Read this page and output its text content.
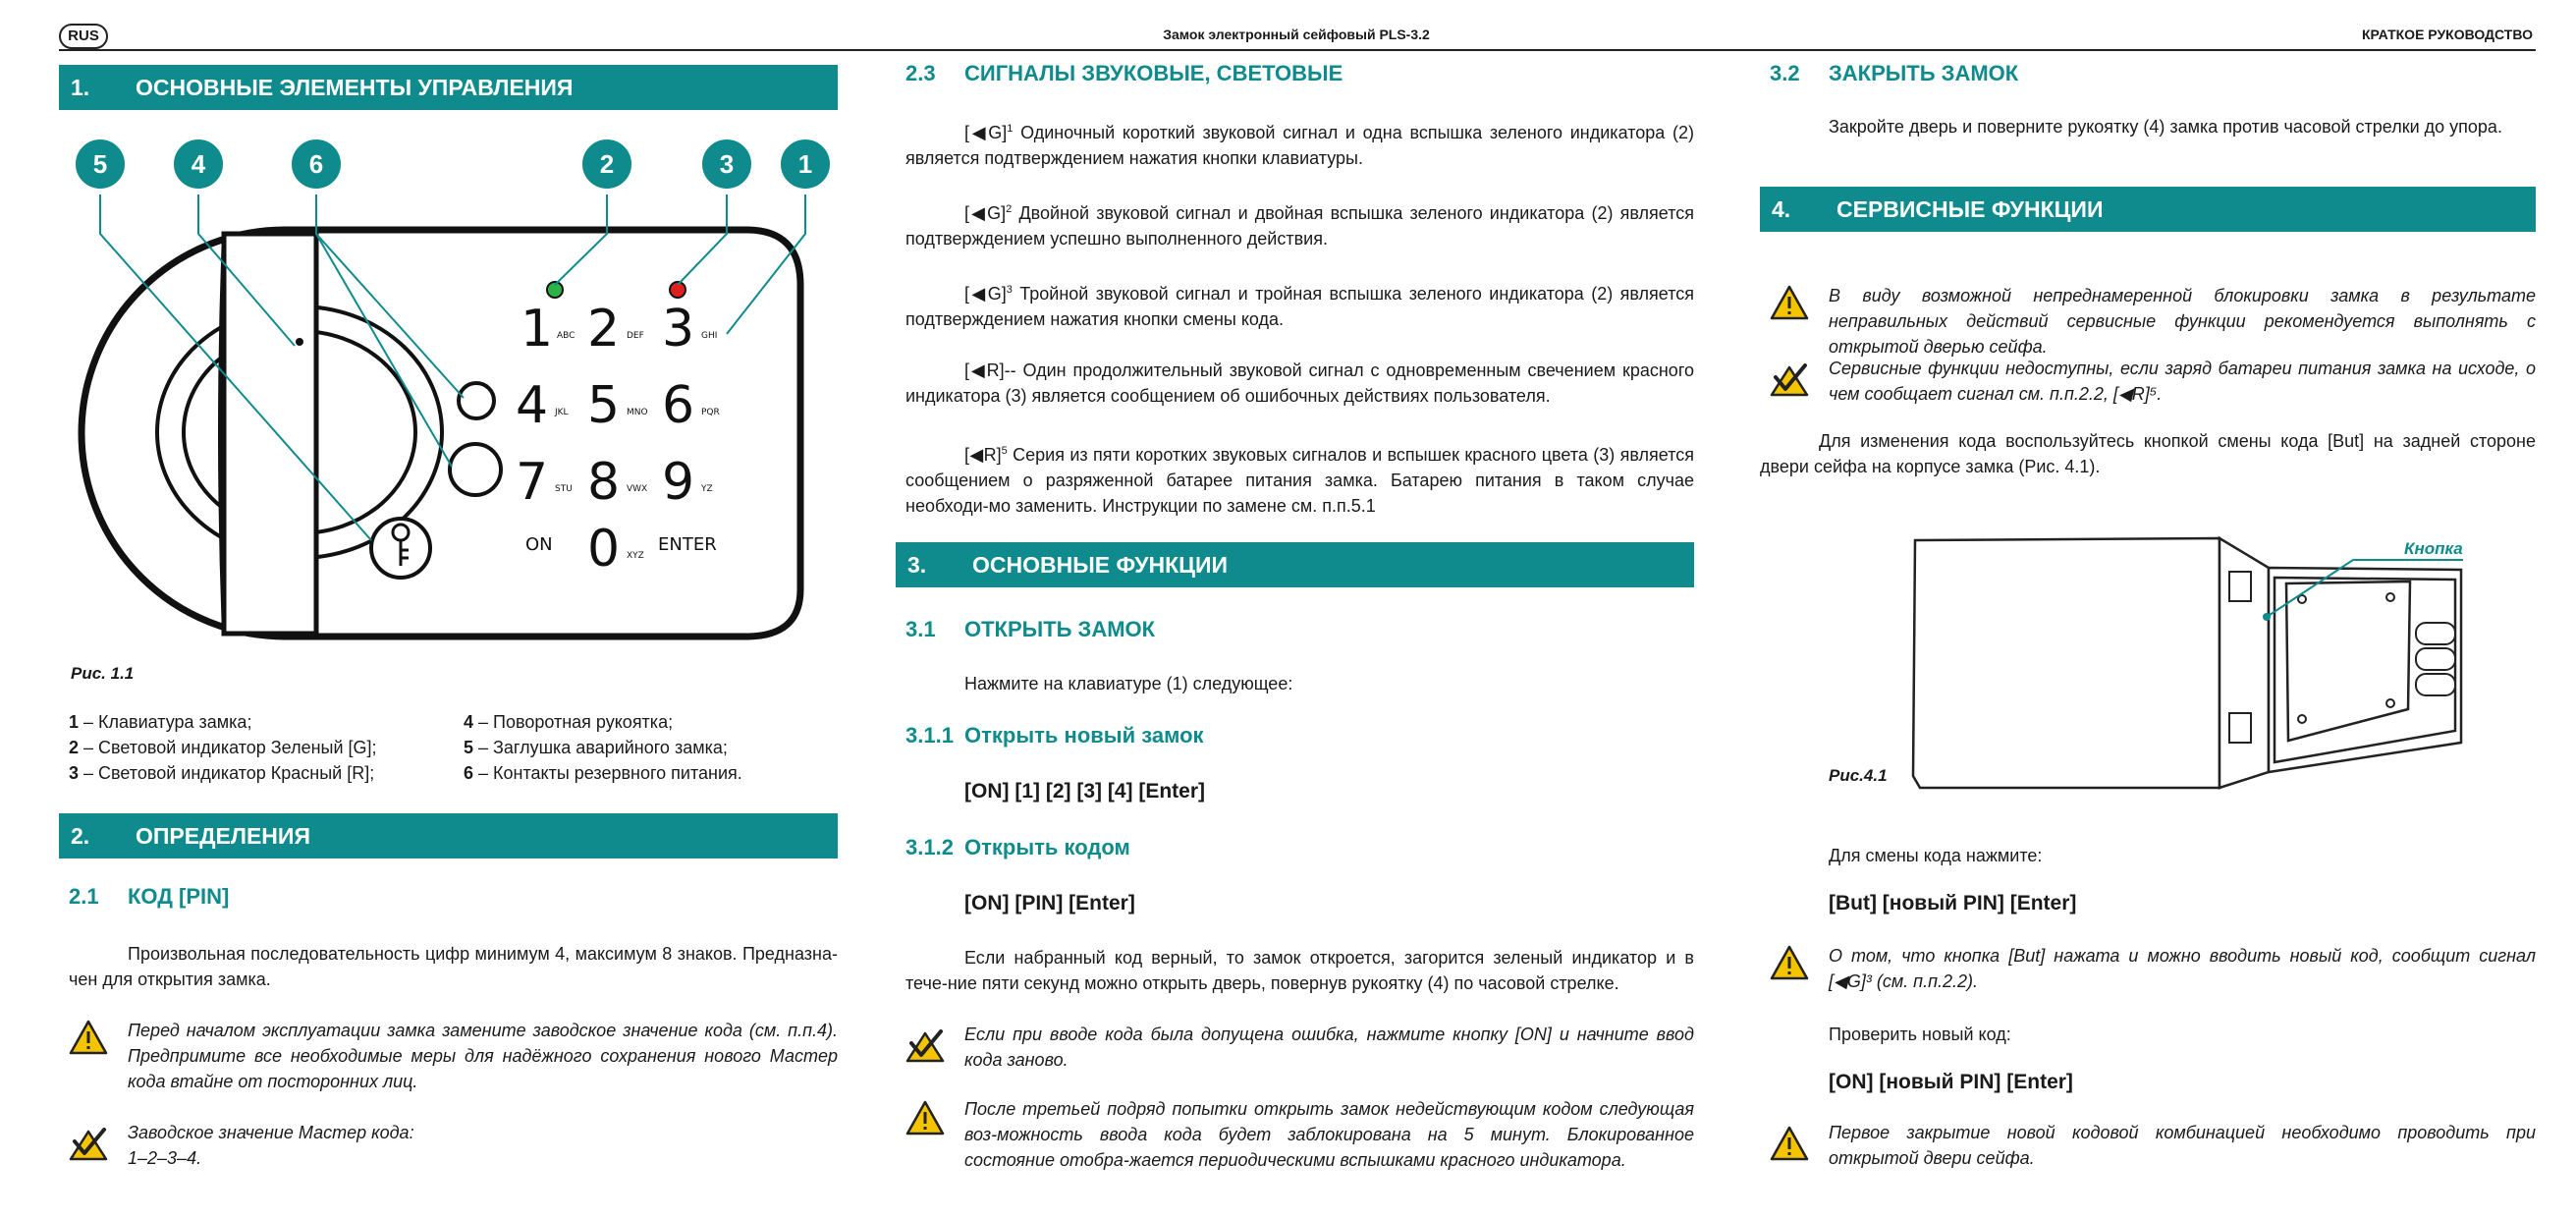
RUS	Замок электронный сейфовый PLS-3.2	КРАТКОЕ РУКОВОДСТВО
1. ОСНОВНЫЕ ЭЛЕМЕНТЫ УПРАВЛЕНИЯ
1 ABC 2 DEF 3 GHI
4 JKL 5 MNO 6 PQR
7 STU 8 VWX 9 YZ
ON 0 XYZ
ENTER
5	4	6	2	3	1
Рис. 1.1
1 – Клавиатура замка;
2 – Световой индикатор Зеленый [G];
3 – Световой индикатор Красный [R];
4 – Поворотная рукоятка;
5 – Заглушка аварийного замка;
6 – Контакты резервного питания.
2. ОПРЕДЕЛЕНИЯ
2.1 КОД [PIN]
Произвольная последовательность цифр минимум 4, максимум 8 знаков. Предназна-чен для открытия замка.
Перед началом эксплуатации замка замените заводское значение кода (см. п.п.4). Предпримите все необходимые меры для надёжного сохранения нового Мастер кода втайне от посторонних лиц.
Заводское значение Мастер кода:
1–2–3–4.
2.3 СИГНАЛЫ ЗВУКОВЫЕ, СВЕТОВЫЕ
[◀G]$^1$ Одиночный короткий звуковой сигнал и одна вспышка зеленого индикатора (2) является подтверждением нажатия кнопки клавиатуры.
[◀G]$^2$ Двойной звуковой сигнал и двойная вспышка зеленого индикатора (2) является подтверждением успешно выполненного действия.
[◀G]$^3$ Тройной звуковой сигнал и тройная вспышка зеленого индикатора (2) является подтверждением нажатия кнопки смены кода.
[◀R]-- Один продолжительный звуковой сигнал с одновременным свечением красного индикатора (3) является сообщением об ошибочных действиях пользователя.
[◀R]$^5$ Серия из пяти коротких звуковых сигналов и вспышек красного цвета (3) является сообщением о разряженной батарее питания замка. Батарею питания в таком случае необходи-мо заменить. Инструкции по замене см. п.п.5.1
3. ОСНОВНЫЕ ФУНКЦИИ
3.1 ОТКРЫТЬ ЗАМОК
Нажмите на клавиатуре (1) следующее:
3.1.1 Открыть новый замок
[ON] [1] [2] [3] [4] [Enter]
3.1.2 Открыть кодом
[ON] [PIN] [Enter]
Если набранный код верный, то замок откроется, загорится зеленый индикатор и в тече-ние пяти секунд можно открыть дверь, повернув рукоятку (4) по часовой стрелке.
Если при вводе кода была допущена ошибка, нажмите кнопку [ON] и начните ввод кода заново.
После третьей подряд попытки открыть замок недействующим кодом следующая воз-можность ввода кода будет заблокирована на 5 минут. Блокированное состояние отобра-жается периодическими вспышками красного индикатора.
3.2 ЗАКРЫТЬ ЗАМОК
Закройте дверь и поверните рукоятку (4) замка против часовой стрелки до упора.
4. СЕРВИСНЫЕ ФУНКЦИИ
В виду возможной непреднамеренной блокировки замка в результате неправильных действий сервисные функции рекомендуется выполнять с открытой дверью сейфа.
Сервисные функции недоступны, если заряд батареи питания замка на исходе, о чем сообщает сигнал см. п.п.2.2, [◀R]⁵.
Для изменения кода воспользуйтесь кнопкой смены кода [But] на задней стороне двери сейфа на корпусе замка (Рис. 4.1).
Кнопка
Рис.4.1
Для смены кода нажмите:
[But] [новый PIN] [Enter]
О том, что кнопка [But] нажата и можно вводить новый код, сообщит сигнал [◀G]³ (см. п.п.2.2).
Проверить новый код:
[ON] [новый PIN] [Enter]
Первое закрытие новой кодовой комбинацией необходимо проводить при открытой двери сейфа.
